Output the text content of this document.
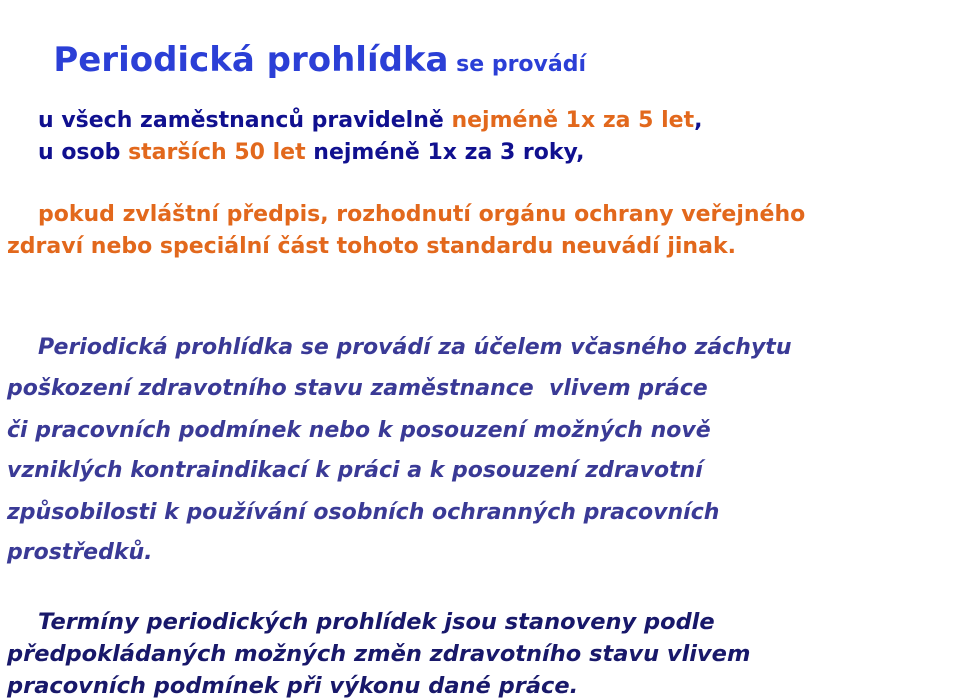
Periodická prohlídka se provádí

u všech zaměstnanců pravidelně nejméně 1x za 5 let,
u osob starších 50 let nejméně 1x za 3 roky,
pokud zvláštní předpis, rozhodnutí orgánu ochrany veřejného
zdraví nebo speciální část tohoto standardu neuvádí jinak.
Periodická prohlídka se provádí za účelem včasného záchytu
poškození zdravotního stavu zaměstnance  vlivem práce
či pracovních podmínek nebo k posouzení možných nově
vzniklých kontraindikací k práci a k posouzení zdravotní
způsobilosti k používání osobních ochranných pracovních
prostředků.
Termíny periodických prohlídek jsou stanoveny podle
předpokládaných možných změn zdravotního stavu vlivem
pracovních podmínek při výkonu dané práce.
